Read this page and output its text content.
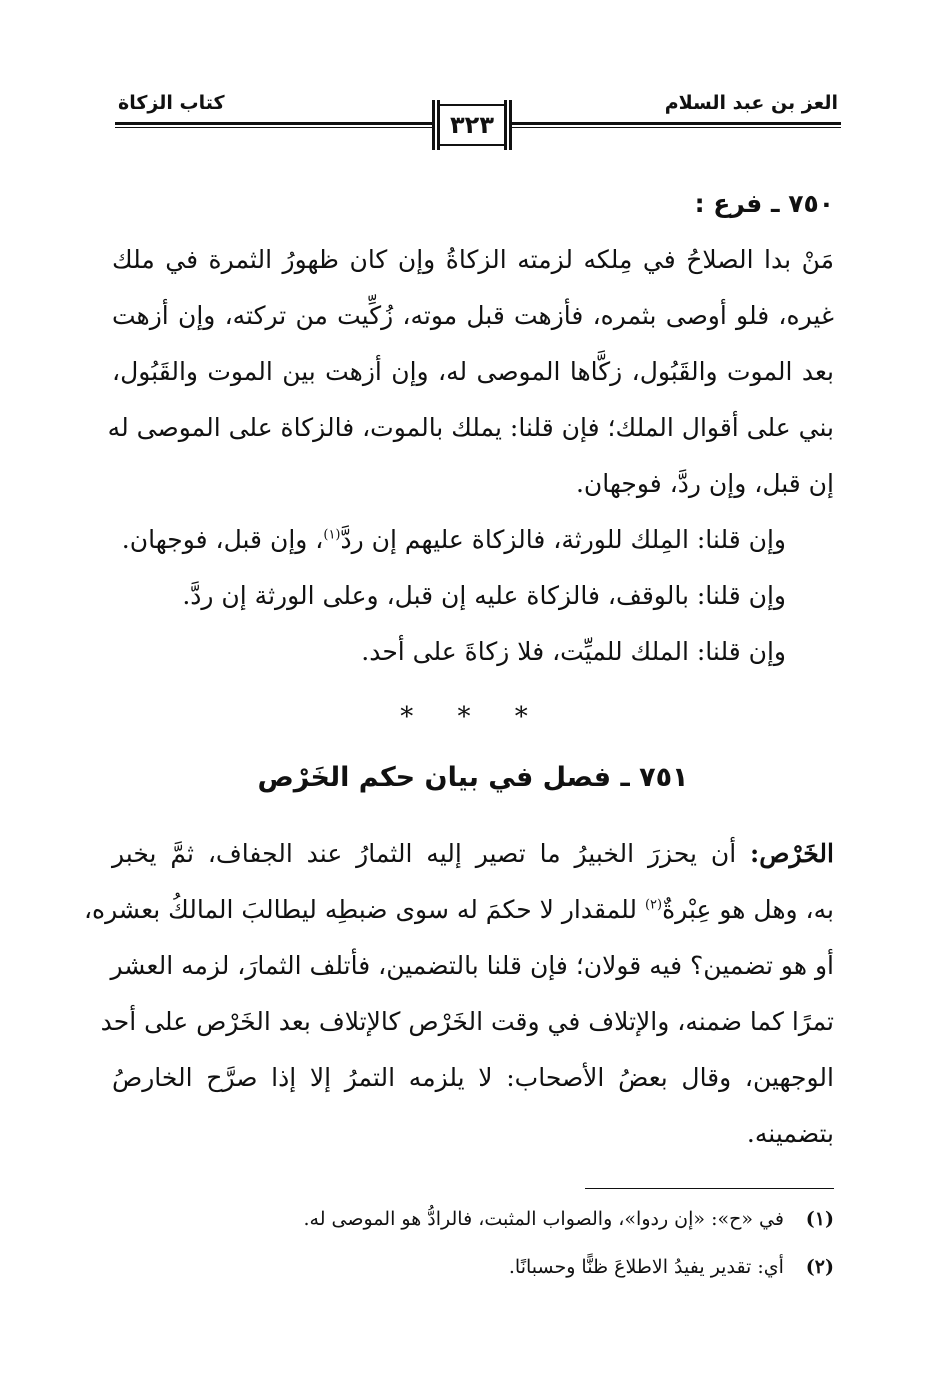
العز بن عبد السلام
كتاب الزكاة
٣٢٣
٧٥٠ ـ فرع :
مَنْ بدا الصلاحُ في مِلكه لزمته الزكاةُ وإن كان ظهورُ الثمرة في ملك
غيره، فلو أوصى بثمره، فأزهت قبل موته، زُكِّيت من تركته، وإن أزهت
بعد الموت والقَبُول، زكَّاها الموصى له، وإن أزهت بين الموت والقَبُول،
بني على أقوال الملك؛ فإن قلنا: يملك بالموت، فالزكاة على الموصى له
إن قبل، وإن ردَّ، فوجهان.
وإن قلنا: المِلك للورثة، فالزكاة عليهم إن ردَّ$^{(١)}$، وإن قبل، فوجهان.
وإن قلنا: بالوقف، فالزكاة عليه إن قبل، وعلى الورثة إن ردَّ.
وإن قلنا: الملك للميِّت، فلا زكاةَ على أحد.
* * *
٧٥١ ـ فصل في بيان حكم الخَرْص
الخَرْص: أن يحزرَ الخبيرُ ما تصير إليه الثمارُ عند الجفاف، ثمَّ يخبر
به، وهل هو عِبْرةٌ$^{(٢)}$ للمقدار لا حكمَ له سوى ضبطِه ليطالبَ المالكُ بعشره،
أو هو تضمين؟ فيه قولان؛ فإن قلنا بالتضمين، فأتلف الثمارَ، لزمه العشر
تمرًا كما ضمنه، والإتلاف في وقت الخَرْص كالإتلاف بعد الخَرْص على أحد
الوجهين، وقال بعضُ الأصحاب: لا يلزمه التمرُ إلا إذا صرَّح الخارصُ
بتضمينه.
(١) في «ح»: «إن ردوا»، والصواب المثبت، فالرادُّ هو الموصى له.
(٢) أي: تقدير يفيدُ الاطلاعَ ظنًّا وحسبانًا.
